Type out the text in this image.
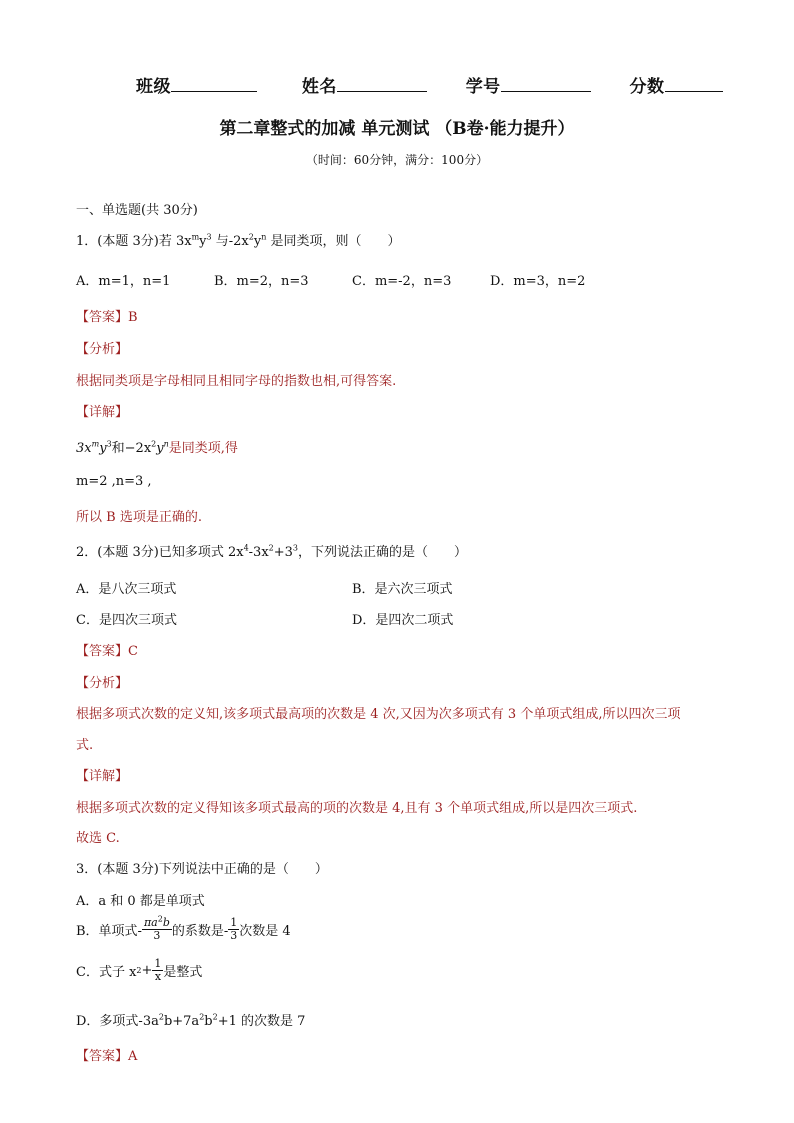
班级	姓名	学号	分数
第二章整式的加减 单元测试 （B卷·能力提升）
（时间：60分钟，满分：100分）
一、单选题(共 30分)
1．(本题 3分)若 $3x^my^3$ 与$-2x^2y^n$ 是同类项，则（　　）
A．m=1，n=1	B．m=2，n=3	C．m=-2，n=3	D．m=3，n=2
【答案】B
【分析】
根据同类项是字母相同且相同字母的指数也相,可得答案.
【详解】
$3x^my^3$和$-2x^2y^n$是同类项,得
m=2 ,n=3 ,
所以 B 选项是正确的.
2．(本题 3分)已知多项式 $2x^4-3x^2+3^3$，下列说法正确的是（　　）
A．是八次三项式	B．是六次三项式
C．是四次三项式	D．是四次二项式
【答案】C
【分析】
根据多项式次数的定义知,该多项式最高项的次数是 4 次,又因为次多项式有 3 个单项式组成,所以四次三项
式.
【详解】
根据多项式次数的定义得知该多项式最高的项的次数是 4,且有 3 个单项式组成,所以是四次三项式.
故选 C.
3．(本题 3分)下列说法中正确的是（　　）
A．a 和 0 都是单项式
B．单项式- $\frac{\pi a^2b}{3}$ 的系数是- $\frac{1}{3}$ 次数是 4
C．式子 x $2 + \frac{1}{x}$ 是整式
D．多项式$-3a^2b+7a^2b^2+1$ 的次数是 7
【答案】A
